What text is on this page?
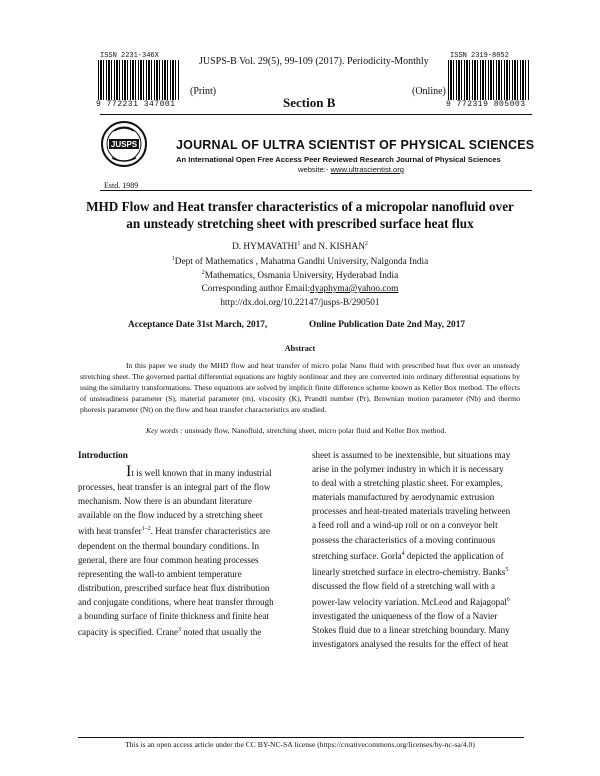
ISSN 2231-346X
9 772231 347001
ISSN 2319-8052
9 772319 805003
JUSPS-B Vol. 29(5), 99-109 (2017). Periodicity-Monthly
(Print)	(Online)
Section B
JUSPS
Estd. 1989
JOURNAL OF ULTRA SCIENTIST OF PHYSICAL SCIENCES
An International Open Free Access Peer Reviewed Research Journal of Physical Sciences
website:- www.ultrascientist.org
MHD Flow and Heat transfer characteristics of a micropolar nanofluid over an unsteady stretching sheet with prescribed surface heat flux
D. HYMAVATHI$^1$ and N. KISHAN$^2$
$^1$Dept of Mathematics , Mahatma Gandhi University, Nalgonda India
$^2$Mathematics, Osmania University, Hyderabad India
Corresponding author Email:dyaphyma@yahoo.com
http://dx.doi.org/10.22147/jusps-B/290501
Acceptance Date 31st March, 2017,	Online Publication Date 2nd May, 2017
Abstract
In this paper we study the MHD flow and heat transfer of micro polar Nano fluid with prescribed heat flux over an unsteady stretching sheet. The governed partial differential equations are highly nonlinear and they are converted into ordinary differential equations by using the similarity transformations. These equations are solved by implicit finite difference scheme known as Keller Box method. The effects of unsteadiness parameter (S), material parameter (m), viscosity (K), Prandtl number (Pr), Brownian motion parameter (Nb) and thermo phoresis parameter (Nt) on the flow and heat transfer characteristics are studied.
Key words : unsteady flow, Nanofluid, stretching sheet, micro polar fluid and Keller Box method.
Introduction
It is well known that in many industrial
processes, heat transfer is an integral part of the flow
mechanism. Now there is an abundant literature
available on the flow induced by a stretching sheet
with heat transfer$^{1-2}$. Heat transfer characteristics are
dependent on the thermal boundary conditions. In
general, there are four common heating processes
representing the wall-to ambient temperature
distribution, prescribed surface heat flux distribution
and conjugate conditions, where heat transfer through
a bounding surface of finite thickness and finite heat
capacity is specified. Crane$^3$ noted that usually the
sheet is assumed to be inextensible, but situations may
arise in the polymer industry in which it is necessary
to deal with a stretching plastic sheet. For examples,
materials manufactured by aerodynamic extrusion
processes and heat-treated materials traveling between
a feed roll and a wind-up roll or on a conveyor belt
possess the characteristics of a moving continuous
stretching surface. Gorla$^4$ depicted the application of
linearly stretched surface in electro-chemistry. Banks$^5$
discussed the flow field of a stretching wall with a
power-law velocity variation. McLeod and Rajagopal$^6$
investigated the uniqueness of the flow of a Navier
Stokes fluid due to a linear stretching boundary. Many
investigators analysed the results for the effect of heat
This is an open access article under the CC BY-NC-SA license (https://creativecommons.org/licenses/by-nc-sa/4.0)
